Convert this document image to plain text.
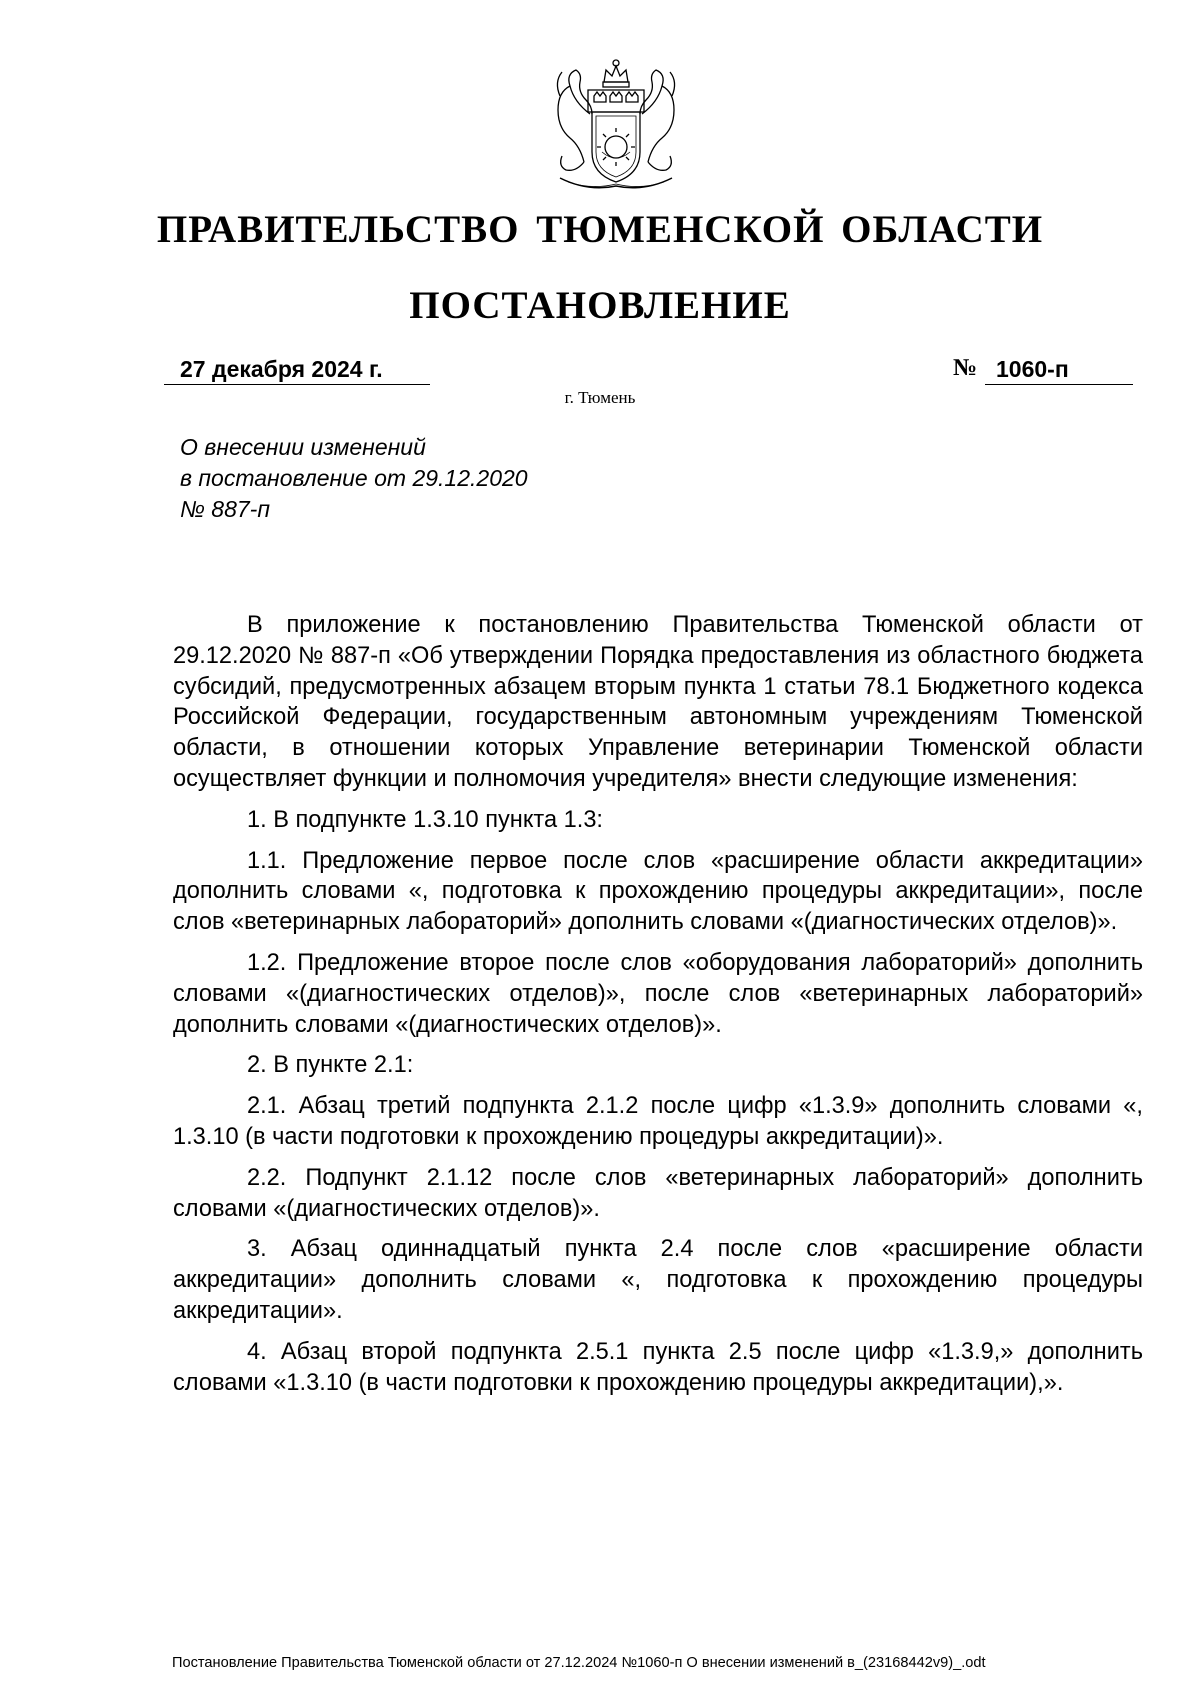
ПРАВИТЕЛЬСТВО ТЮМЕНСКОЙ ОБЛАСТИ
ПОСТАНОВЛЕНИЕ
27 декабря 2024 г.	№ 1060-п
г. Тюмень
О внесении изменений
в постановление от 29.12.2020
№ 887-п

В приложение к постановлению Правительства Тюменской области от 29.12.2020 № 887-п «Об утверждении Порядка предоставления из областного бюджета субсидий, предусмотренных абзацем вторым пункта 1 статьи 78.1 Бюджетного кодекса Российской Федерации, государственным автономным учреждениям Тюменской области, в отношении которых Управление ветеринарии Тюменской области осуществляет функции и полномочия учредителя» внести следующие изменения:

1. В подпункте 1.3.10 пункта 1.3:

1.1. Предложение первое после слов «расширение области аккредитации» дополнить словами «, подготовка к прохождению процедуры аккредитации», после слов «ветеринарных лабораторий» дополнить словами «(диагностических отделов)».

1.2. Предложение второе после слов «оборудования лабораторий» дополнить словами «(диагностических отделов)», после слов «ветеринарных лабораторий» дополнить словами «(диагностических отделов)».

2. В пункте 2.1:

2.1. Абзац третий подпункта 2.1.2 после цифр «1.3.9» дополнить словами «, 1.3.10 (в части подготовки к прохождению процедуры аккредитации)».

2.2. Подпункт 2.1.12 после слов «ветеринарных лабораторий» дополнить словами «(диагностических отделов)».

3. Абзац одиннадцатый пункта 2.4 после слов «расширение области аккредитации» дополнить словами «, подготовка к прохождению процедуры аккредитации».

4. Абзац второй подпункта 2.5.1 пункта 2.5 после цифр «1.3.9,» дополнить словами «1.3.10 (в части подготовки к прохождению процедуры аккредитации),».

Постановление Правительства Тюменской области от 27.12.2024 №1060-п О внесении изменений в_(23168442v9)_.odt
